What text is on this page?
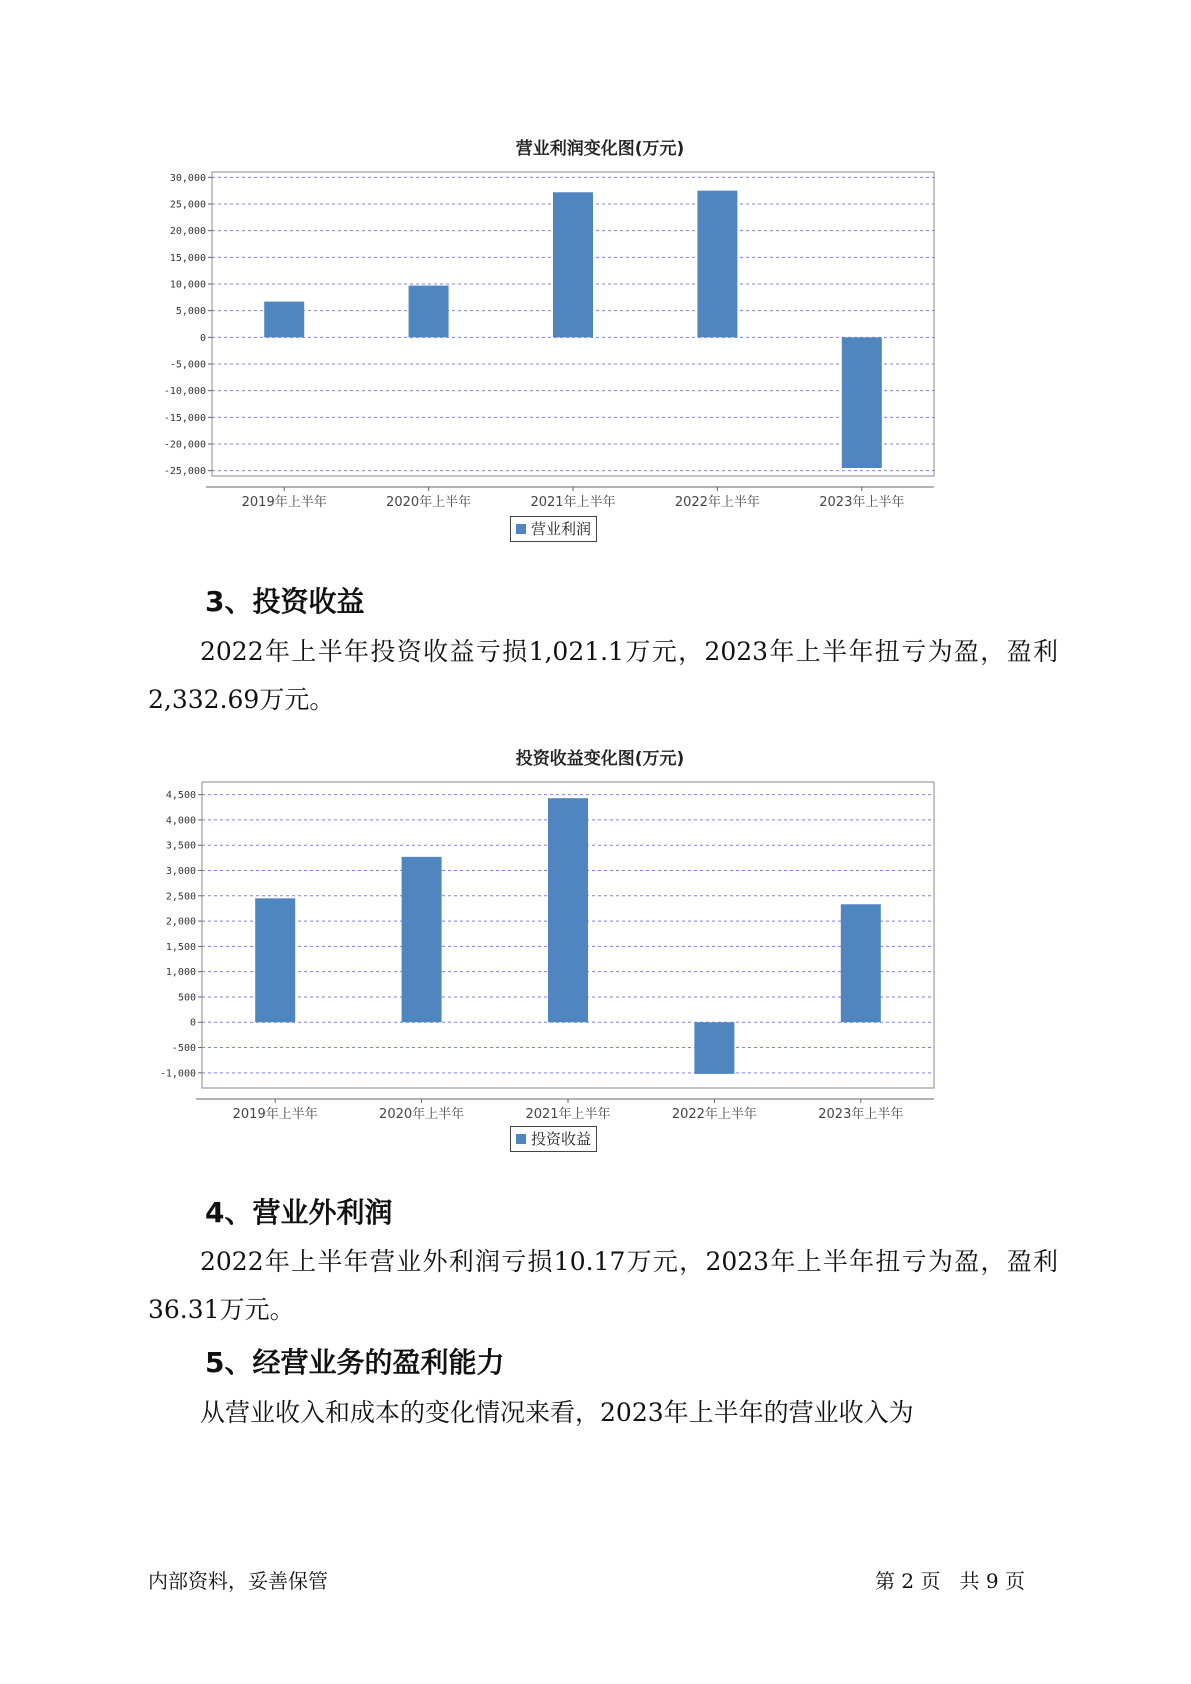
营业利润变化图(万元)
30,000
25,000
20,000
15,000
10,000
5,000
0
-5,000
-10,000
-15,000
-20,000
-25,000
2019年上半年	2020年上半年	2021年上半年	2022年上半年	2023年上半年
营业利润
3、投资收益

2022年上半年投资收益亏损1,021.1万元，2023年上半年扭亏为盈，盈利2,332.69万元。

投资收益变化图(万元)
4,500
4,000
3,500
3,000
2,500
2,000
1,500
1,000
500
0
-500
-1,000
2019年上半年	2020年上半年	2021年上半年	2022年上半年	2023年上半年
投资收益
4、营业外利润

2022年上半年营业外利润亏损10.17万元，2023年上半年扭亏为盈，盈利36.31万元。

5、经营业务的盈利能力

从营业收入和成本的变化情况来看，2023年上半年的营业收入为

内部资料，妥善保管	第 2 页   共 9 页
